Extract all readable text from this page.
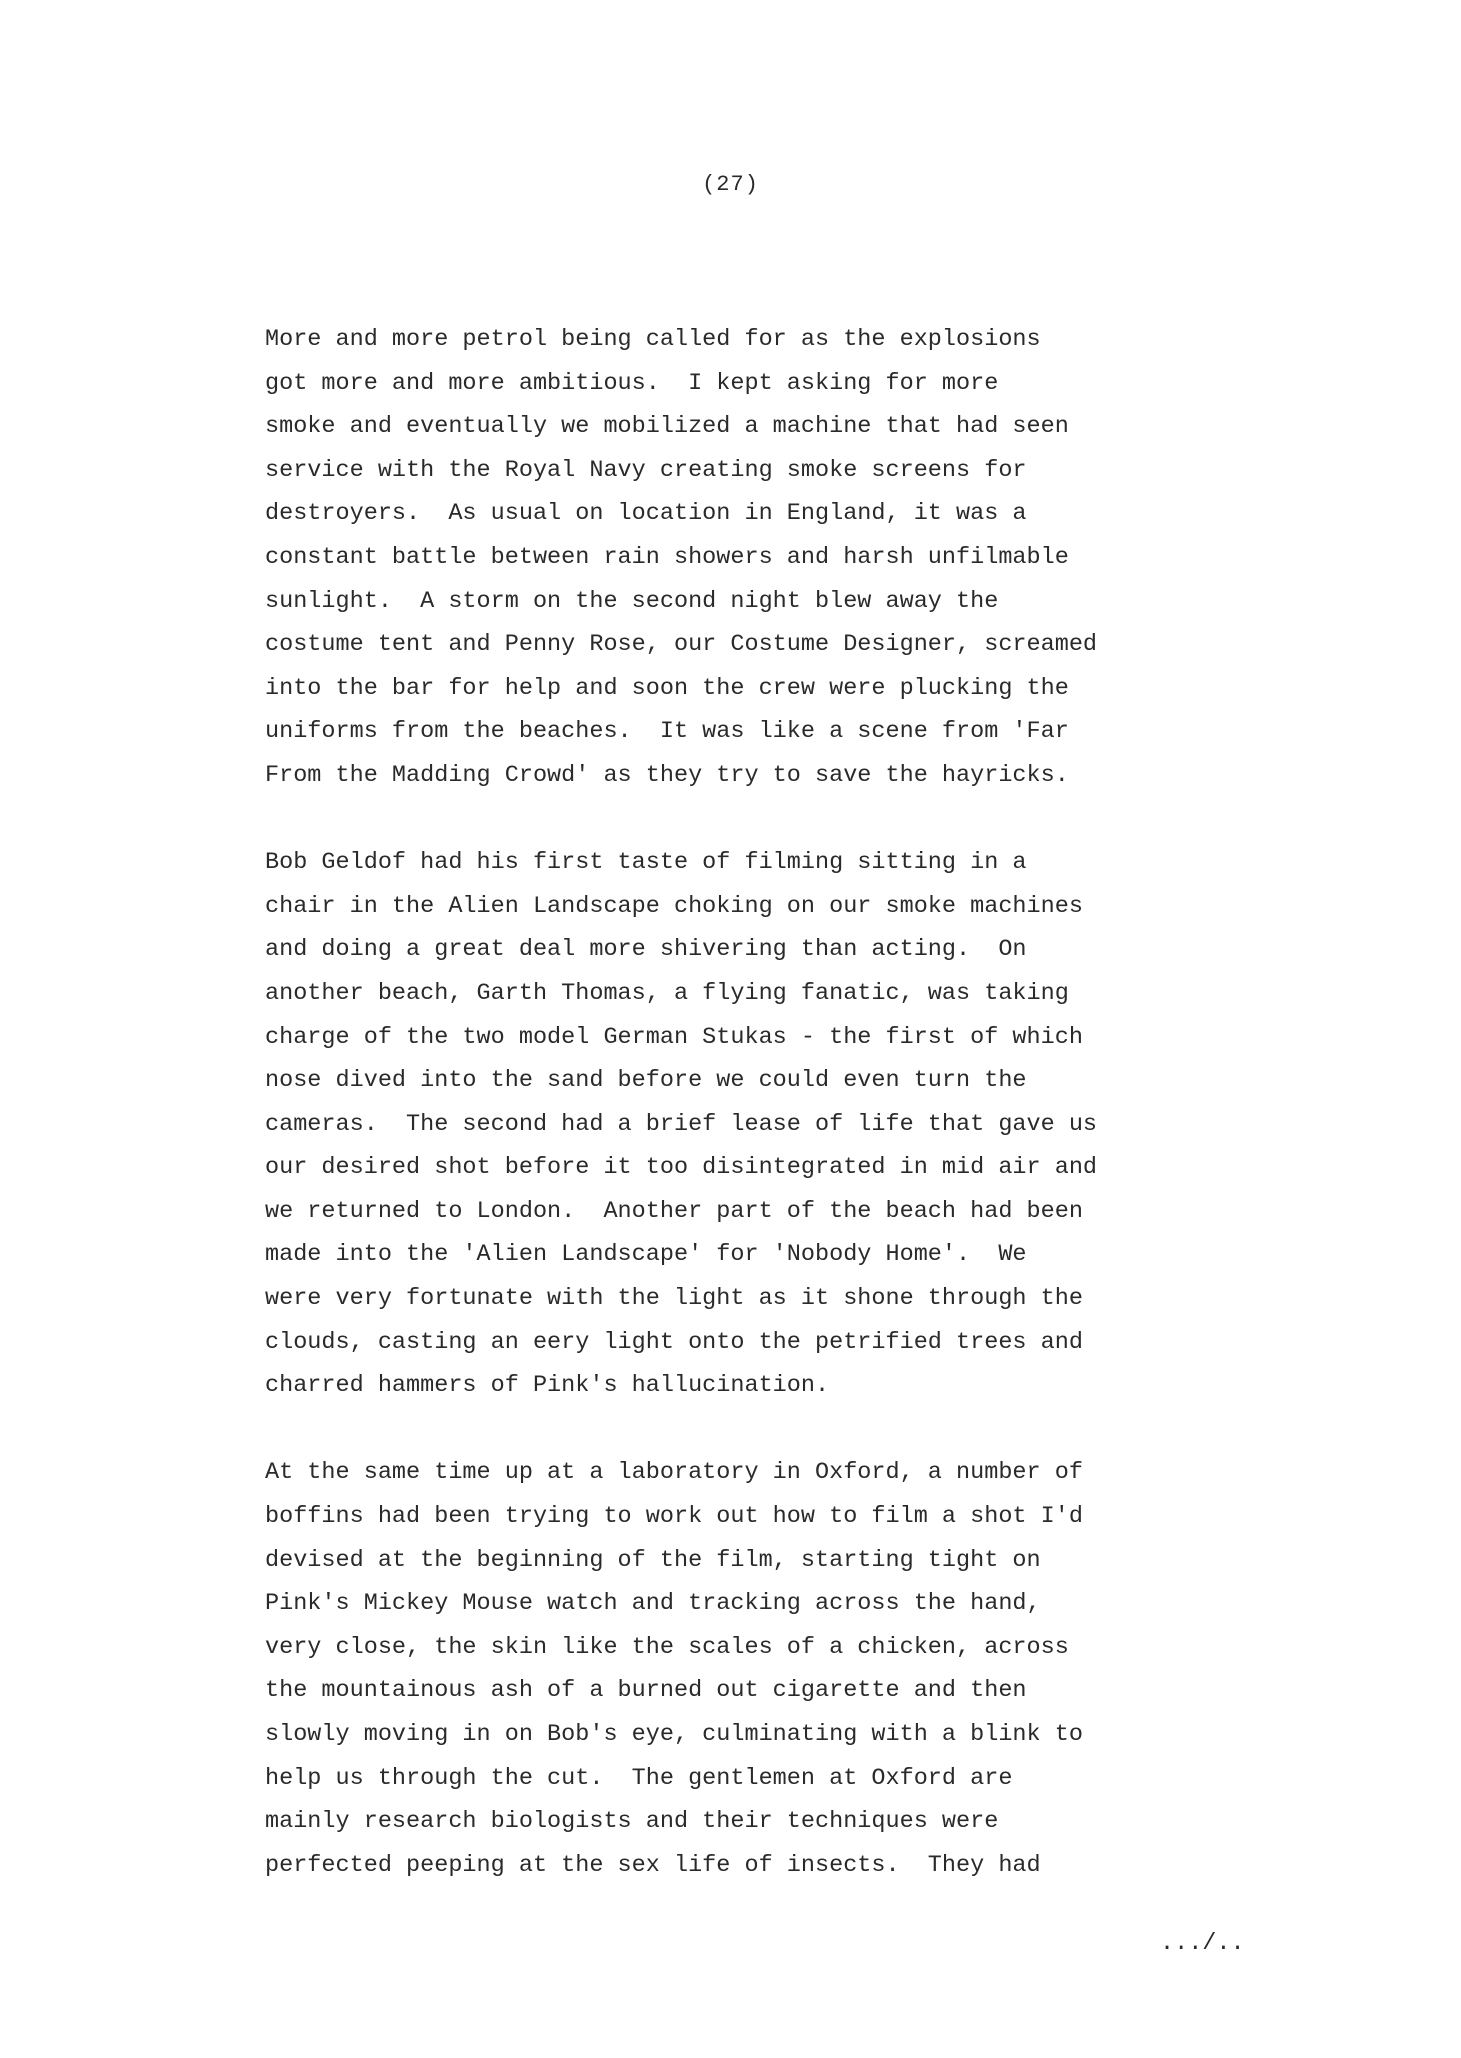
(27)
More and more petrol being called for as the explosions
got more and more ambitious.  I kept asking for more
smoke and eventually we mobilized a machine that had seen
service with the Royal Navy creating smoke screens for
destroyers.  As usual on location in England, it was a
constant battle between rain showers and harsh unfilmable
sunlight.  A storm on the second night blew away the
costume tent and Penny Rose, our Costume Designer, screamed
into the bar for help and soon the crew were plucking the
uniforms from the beaches.  It was like a scene from 'Far
From the Madding Crowd' as they try to save the hayricks.
Bob Geldof had his first taste of filming sitting in a
chair in the Alien Landscape choking on our smoke machines
and doing a great deal more shivering than acting.  On
another beach, Garth Thomas, a flying fanatic, was taking
charge of the two model German Stukas - the first of which
nose dived into the sand before we could even turn the
cameras.  The second had a brief lease of life that gave us
our desired shot before it too disintegrated in mid air and
we returned to London.  Another part of the beach had been
made into the 'Alien Landscape' for 'Nobody Home'.  We
were very fortunate with the light as it shone through the
clouds, casting an eery light onto the petrified trees and
charred hammers of Pink's hallucination.
At the same time up at a laboratory in Oxford, a number of
boffins had been trying to work out how to film a shot I'd
devised at the beginning of the film, starting tight on
Pink's Mickey Mouse watch and tracking across the hand,
very close, the skin like the scales of a chicken, across
the mountainous ash of a burned out cigarette and then
slowly moving in on Bob's eye, culminating with a blink to
help us through the cut.  The gentlemen at Oxford are
mainly research biologists and their techniques were
perfected peeping at the sex life of insects.  They had
.../..
